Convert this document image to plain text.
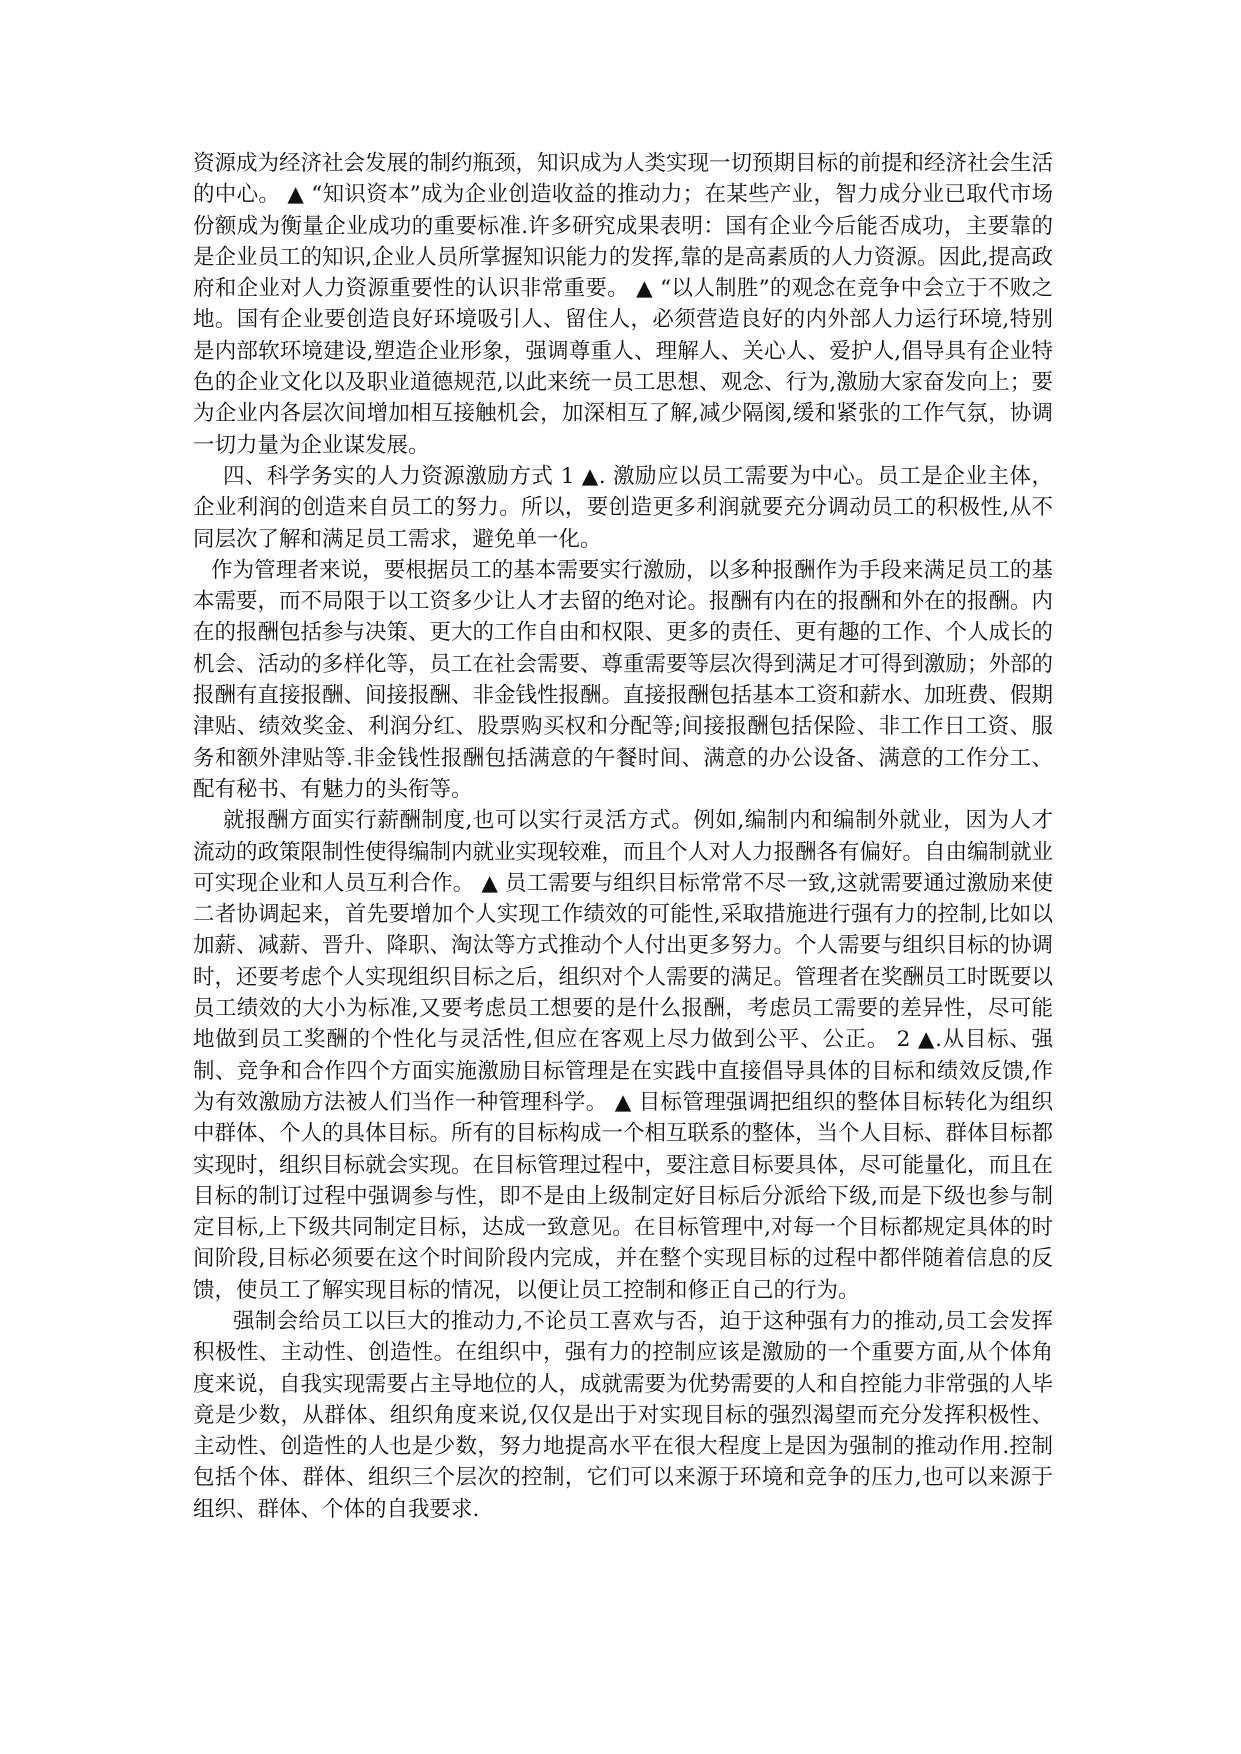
资源成为经济社会发展的制约瓶颈，知识成为人类实现一切预期目标的前提和经济社会生活的中心。 ▲ “知识资本”成为企业创造收益的推动力；在某些产业，智力成分业已取代市场份额成为衡量企业成功的重要标准.许多研究成果表明：国有企业今后能否成功，主要靠的是企业员工的知识,企业人员所掌握知识能力的发挥,靠的是高素质的人力资源。因此,提高政府和企业对人力资源重要性的认识非常重要。 ▲ “以人制胜”的观念在竞争中会立于不败之地。国有企业要创造良好环境吸引人、留住人，必须营造良好的内外部人力运行环境,特别是内部软环境建设,塑造企业形象，强调尊重人、理解人、关心人、爱护人,倡导具有企业特色的企业文化以及职业道德规范,以此来统一员工思想、观念、行为,激励大家奋发向上；要为企业内各层次间增加相互接触机会，加深相互了解,减少隔阂,缓和紧张的工作气氛，协调一切力量为企业谋发展。

四、科学务实的人力资源激励方式 1 ▲. 激励应以员工需要为中心。员工是企业主体，企业利润的创造来自员工的努力。所以，要创造更多利润就要充分调动员工的积极性,从不同层次了解和满足员工需求，避免单一化。

作为管理者来说，要根据员工的基本需要实行激励，以多种报酬作为手段来满足员工的基本需要，而不局限于以工资多少让人才去留的绝对论。报酬有内在的报酬和外在的报酬。内在的报酬包括参与决策、更大的工作自由和权限、更多的责任、更有趣的工作、个人成长的机会、活动的多样化等，员工在社会需要、尊重需要等层次得到满足才可得到激励；外部的报酬有直接报酬、间接报酬、非金钱性报酬。直接报酬包括基本工资和薪水、加班费、假期津贴、绩效奖金、利润分红、股票购买权和分配等;间接报酬包括保险、非工作日工资、服务和额外津贴等.非金钱性报酬包括满意的午餐时间、满意的办公设备、满意的工作分工、配有秘书、有魅力的头衔等。

就报酬方面实行薪酬制度,也可以实行灵活方式。例如,编制内和编制外就业，因为人才流动的政策限制性使得编制内就业实现较难，而且个人对人力报酬各有偏好。自由编制就业可实现企业和人员互利合作。 ▲ 员工需要与组织目标常常不尽一致,这就需要通过激励来使二者协调起来，首先要增加个人实现工作绩效的可能性,采取措施进行强有力的控制,比如以加薪、减薪、晋升、降职、淘汰等方式推动个人付出更多努力。个人需要与组织目标的协调时，还要考虑个人实现组织目标之后，组织对个人需要的满足。管理者在奖酬员工时既要以员工绩效的大小为标准,又要考虑员工想要的是什么报酬，考虑员工需要的差异性，尽可能地做到员工奖酬的个性化与灵活性,但应在客观上尽力做到公平、公正。 2 ▲.从目标、强制、竞争和合作四个方面实施激励目标管理是在实践中直接倡导具体的目标和绩效反馈,作为有效激励方法被人们当作一种管理科学。 ▲ 目标管理强调把组织的整体目标转化为组织中群体、个人的具体目标。所有的目标构成一个相互联系的整体，当个人目标、群体目标都实现时，组织目标就会实现。在目标管理过程中，要注意目标要具体，尽可能量化，而且在目标的制订过程中强调参与性，即不是由上级制定好目标后分派给下级,而是下级也参与制定目标,上下级共同制定目标，达成一致意见。在目标管理中,对每一个目标都规定具体的时间阶段,目标必须要在这个时间阶段内完成，并在整个实现目标的过程中都伴随着信息的反馈，使员工了解实现目标的情况，以便让员工控制和修正自己的行为。

强制会给员工以巨大的推动力,不论员工喜欢与否，迫于这种强有力的推动,员工会发挥积极性、主动性、创造性。在组织中，强有力的控制应该是激励的一个重要方面,从个体角度来说，自我实现需要占主导地位的人，成就需要为优势需要的人和自控能力非常强的人毕竟是少数，从群体、组织角度来说,仅仅是出于对实现目标的强烈渴望而充分发挥积极性、主动性、创造性的人也是少数，努力地提高水平在很大程度上是因为强制的推动作用.控制包括个体、群体、组织三个层次的控制，它们可以来源于环境和竞争的压力,也可以来源于组织、群体、个体的自我要求.
